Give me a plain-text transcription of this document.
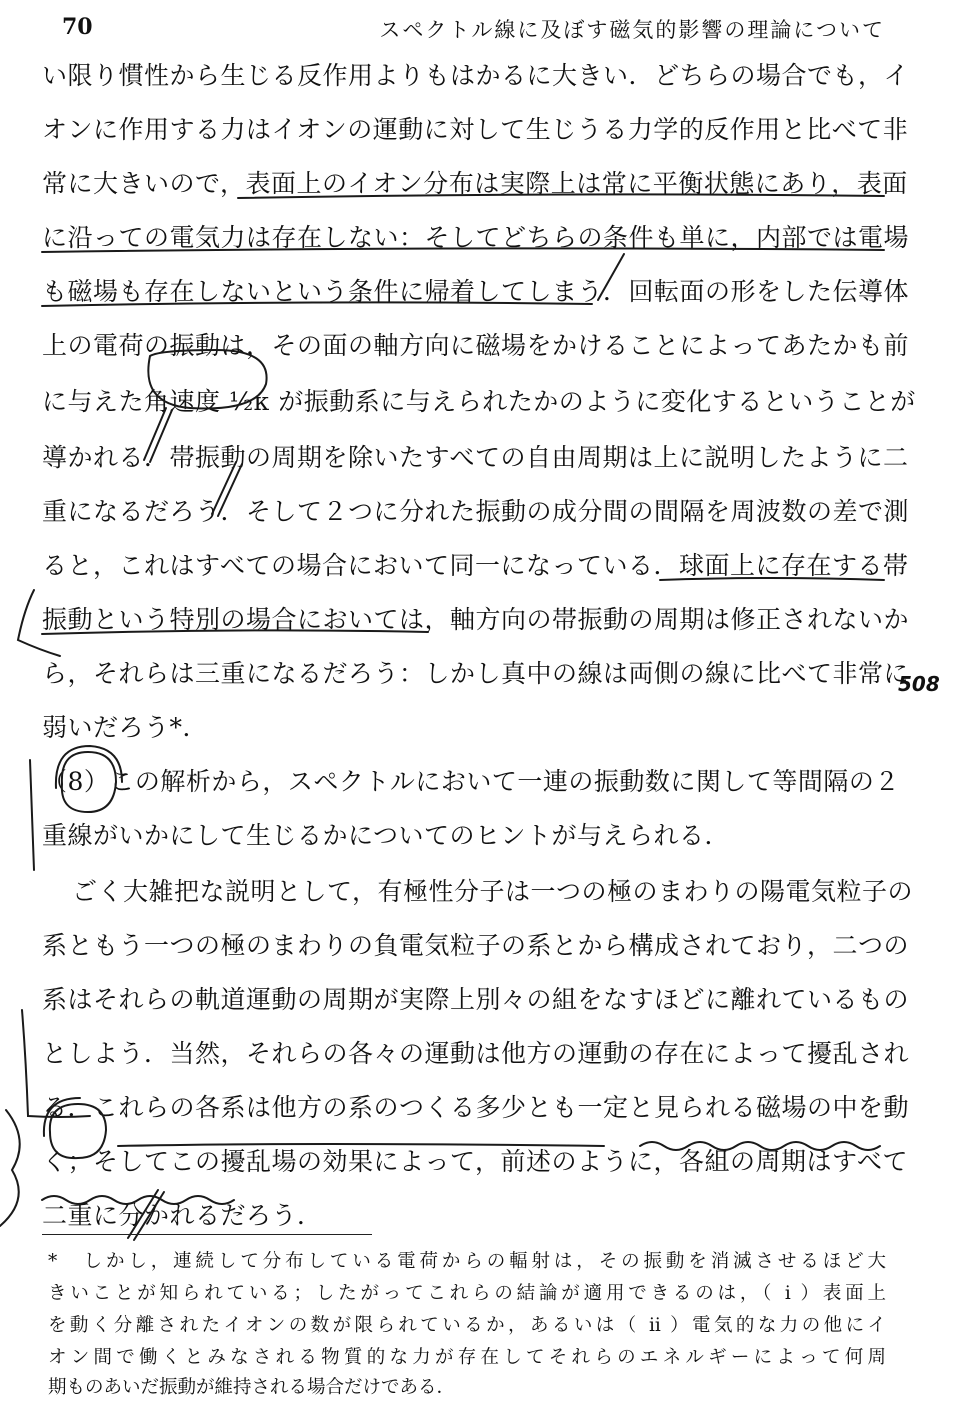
70	スペクトル線に及ぼす磁気的影響の理論について
い限り慣性から生じる反作用よりもはかるに大きい．どちらの場合でも，イ
オンに作用する力はイオンの運動に対して生じうる力学的反作用と比べて非
常に大きいので，表面上のイオン分布は実際上は常に平衡状態にあり，表面
に沿っての電気力は存在しない：そしてどちらの条件も単に，内部では電場
も磁場も存在しないという条件に帰着してしまう．回転面の形をした伝導体
上の電荷の振動は，その面の軸方向に磁場をかけることによってあたかも前
に与えた角速度 ½κ が振動系に与えられたかのように変化するということが
導かれる．帯振動の周期を除いたすべての自由周期は上に説明したように二
重になるだろう．そして２つに分れた振動の成分間の間隔を周波数の差で測
ると，これはすべての場合において同一になっている．球面上に存在する帯
振動という特別の場合においては，軸方向の帯振動の周期は修正されないか
ら，それらは三重になるだろう：しかし真中の線は両側の線に比べて非常に
弱いだろう*．
（8）この解析から，スペクトルにおいて一連の振動数に関して等間隔の２
重線がいかにして生じるかについてのヒントが与えられる．
ごく大雑把な説明として，有極性分子は一つの極のまわりの陽電気粒子の
系ともう一つの極のまわりの負電気粒子の系とから構成されており，二つの
系はそれらの軌道運動の周期が実際上別々の組をなすほどに離れているもの
としよう．当然，それらの各々の運動は他方の運動の存在によって擾乱され
る．これらの各系は他方の系のつくる多少とも一定と見られる磁場の中を動
く；そしてこの擾乱場の効果によって，前述のように，各組の周期はすべて
二重に分かれるだろう．
508
*　しかし，連続して分布している電荷からの輻射は，その振動を消滅させるほど大
きいことが知られている；したがってこれらの結論が適用できるのは，（ i ）表面上
を動く分離されたイオンの数が限られているか，あるいは（ ii ）電気的な力の他にイ
オン間で働くとみなされる物質的な力が存在してそれらのエネルギーによって何周
期ものあいだ振動が維持される場合だけである．
